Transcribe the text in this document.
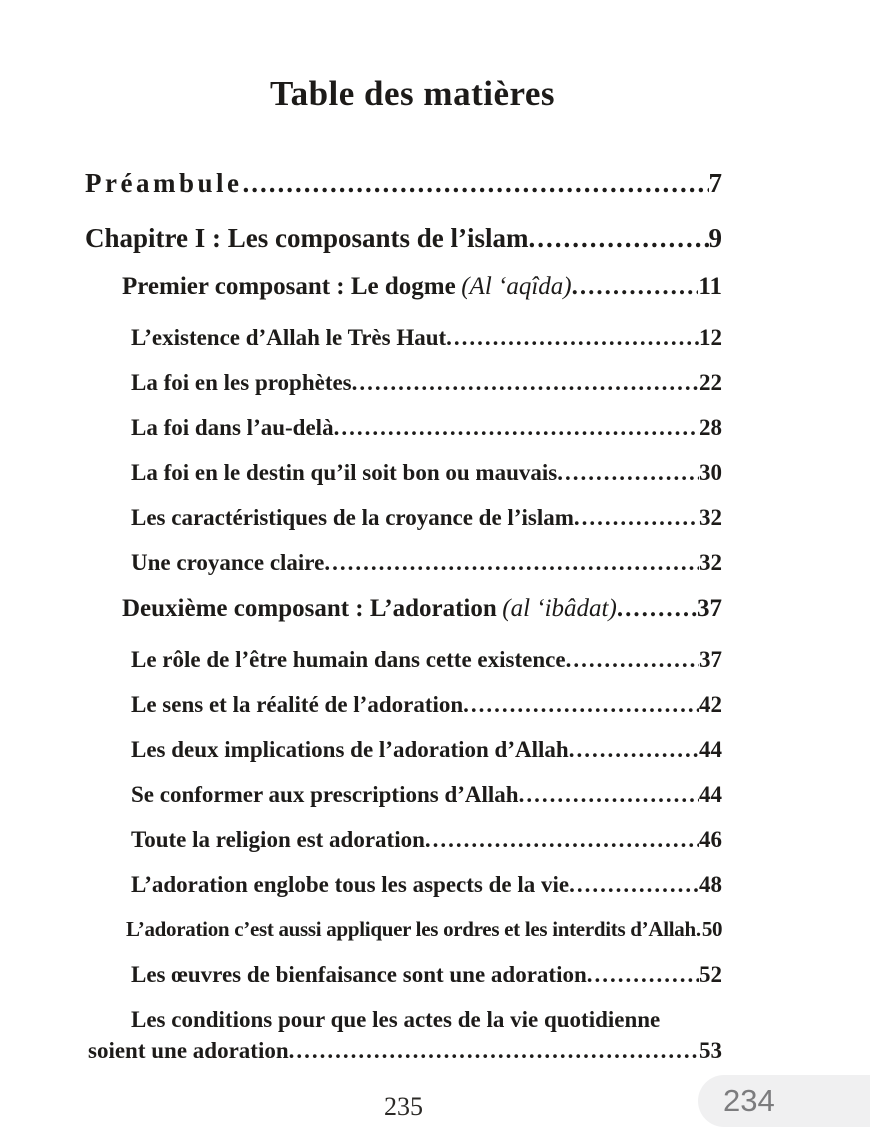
Table des matières
Préambule .....	7
Chapitre I : Les composants de l’islam .....	9
Premier composant : Le dogme (Al ‘aqîda) .....	11
L’existence d’Allah le Très Haut .....	12
La foi en les prophètes .....	22
La foi dans l’au-delà .....	28
La foi en le destin qu’il soit bon ou mauvais .....	30
Les caractéristiques de la croyance de l’islam .....	32
Une croyance claire .....	32
Deuxième composant : L’adoration (al ‘ibâdat) .....	37
Le rôle de l’être humain dans cette existence .....	37
Le sens et la réalité de l’adoration .....	42
Les deux implications de l’adoration d’Allah .....	44
Se conformer aux prescriptions d’Allah .....	44
Toute la religion est adoration .....	46
L’adoration englobe tous les aspects de la vie .....	48
L’adoration c’est aussi appliquer les ordres et les interdits d’Allah ..... 50
Les œuvres de bienfaisance sont une adoration .....	52
Les conditions pour que les actes de la vie quotidienne
soient une adoration .....	53
235	234
